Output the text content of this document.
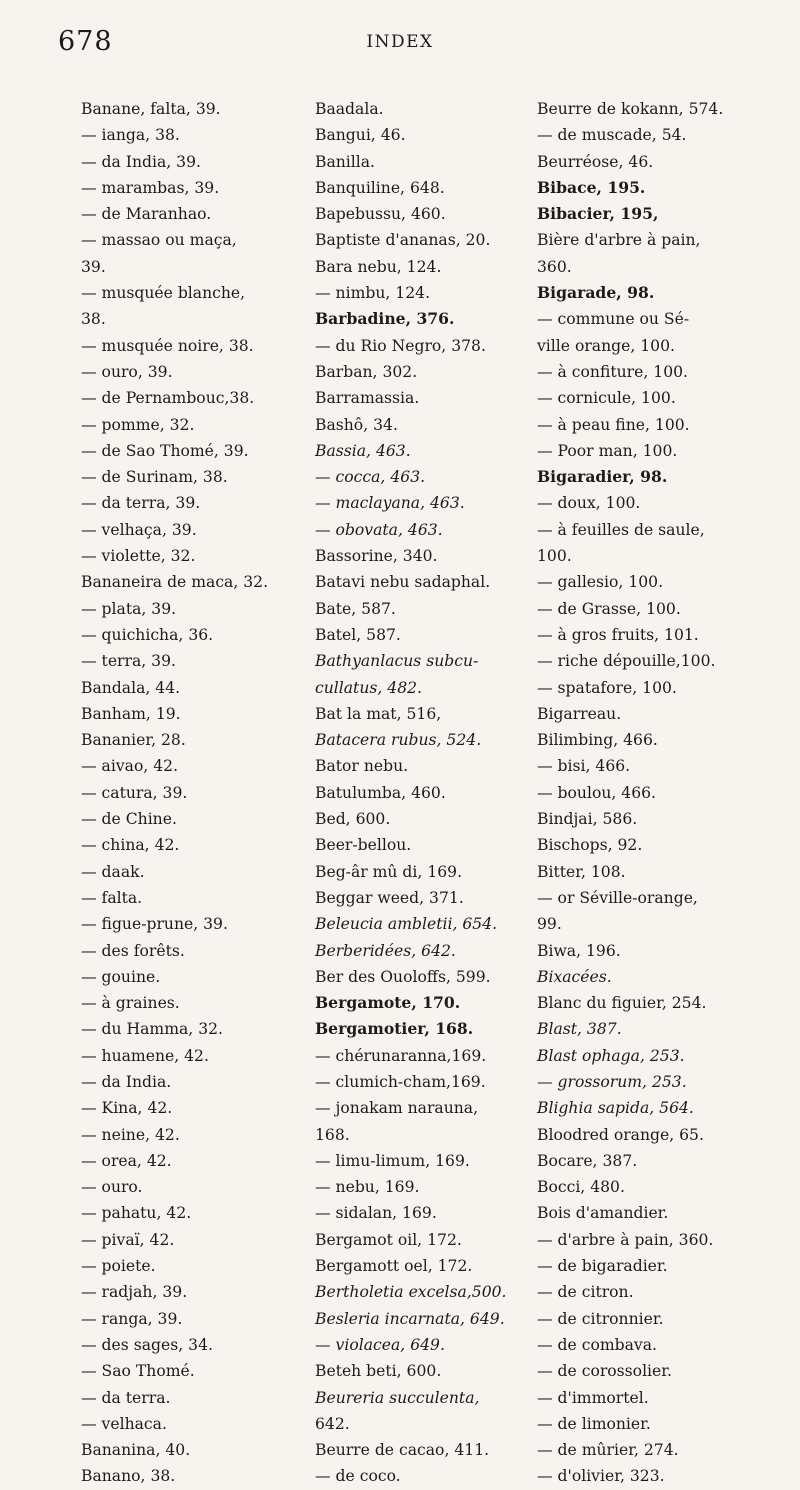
678	INDEX
Banane, falta, 39.
— ianga, 38.
— da India, 39.
— marambas, 39.
— de Maranhao.
— massao ou maça,
39.
— musquée blanche,
38.
— musquée noire, 38.
— ouro, 39.
— de Pernambouc,38.
— pomme, 32.
— de Sao Thomé, 39.
— de Surinam, 38.
— da terra, 39.
— velhaça, 39.
— violette, 32.
Bananeira de maca, 32.
— plata, 39.
— quichicha, 36.
— terra, 39.
Bandala, 44.
Banham, 19.
Bananier, 28.
— aivao, 42.
— catura, 39.
— de Chine.
— china, 42.
— daak.
— falta.
— figue-prune, 39.
— des forêts.
— gouine.
— à graines.
— du Hamma, 32.
— huamene, 42.
— da India.
— Kina, 42.
— neine, 42.
— orea, 42.
— ouro.
— pahatu, 42.
— pivaï, 42.
— poiete.
— radjah, 39.
— ranga, 39.
— des sages, 34.
— Sao Thomé.
— da terra.
— velhaca.
Bananina, 40.
Banano, 38.
Baadala.
Bangui, 46.
Banilla.
Banquiline, 648.
Bapebussu, 460.
Baptiste d'ananas, 20.
Bara nebu, 124.
— nimbu, 124.
Barbadine, 376.
— du Rio Negro, 378.
Barban, 302.
Barramassia.
Bashô, 34.
Bassia, 463.
— cocca, 463.
— maclayana, 463.
— obovata, 463.
Bassorine, 340.
Batavi nebu sadaphal.
Bate, 587.
Batel, 587.
Bathyanlacus subcu-
cullatus, 482.
Bat la mat, 516,
Batacera rubus, 524.
Bator nebu.
Batulumba, 460.
Bed, 600.
Beer-bellou.
Beg-âr mû di, 169.
Beggar weed, 371.
Beleucia ambletii, 654.
Berberidées, 642.
Ber des Ouoloffs, 599.
Bergamote, 170.
Bergamotier, 168.
— chérunaranna,169.
— clumich-cham,169.
— jonakam narauna,
168.
— limu-limum, 169.
— nebu, 169.
— sidalan, 169.
Bergamot oil, 172.
Bergamott oel, 172.
Bertholetia excelsa,500.
Besleria incarnata, 649.
— violacea, 649.
Beteh beti, 600.
Beureria succulenta,
642.
Beurre de cacao, 411.
— de coco.
Beurre de kokann, 574.
— de muscade, 54.
Beurréose, 46.
Bibace, 195.
Bibacier, 195,
Bière d'arbre à pain,
360.
Bigarade, 98.
— commune ou Sé-
ville orange, 100.
— à confiture, 100.
— cornicule, 100.
— à peau fine, 100.
— Poor man, 100.
Bigaradier, 98.
— doux, 100.
— à feuilles de saule,
100.
— gallesio, 100.
— de Grasse, 100.
— à gros fruits, 101.
— riche dépouille,100.
— spatafore, 100.
Bigarreau.
Bilimbing, 466.
— bisi, 466.
— boulou, 466.
Bindjai, 586.
Bischops, 92.
Bitter, 108.
— or Séville-orange,
99.
Biwa, 196.
Bixacées.
Blanc du figuier, 254.
Blast, 387.
Blast ophaga, 253.
— grossorum, 253.
Blighia sapida, 564.
Bloodred orange, 65.
Bocare, 387.
Bocci, 480.
Bois d'amandier.
— d'arbre à pain, 360.
— de bigaradier.
— de citron.
— de citronnier.
— de combava.
— de corossolier.
— d'immortel.
— de limonier.
— de mûrier, 274.
— d'olivier, 323.
